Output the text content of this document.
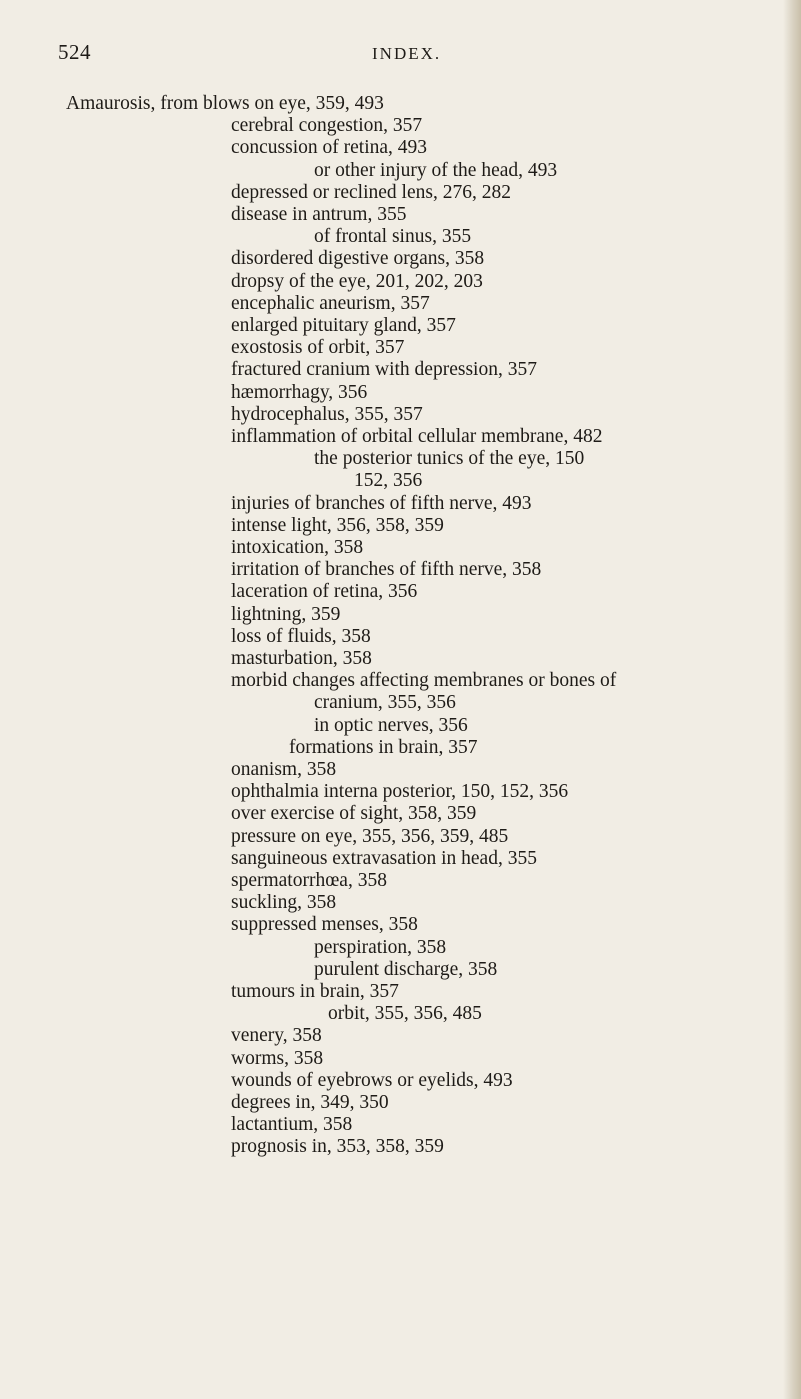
524	INDEX.
Amaurosis, from blows on eye, 359, 493
cerebral congestion, 357
concussion of retina, 493
or other injury of the head, 493
depressed or reclined lens, 276, 282
disease in antrum, 355
of frontal sinus, 355
disordered digestive organs, 358
dropsy of the eye, 201, 202, 203
encephalic aneurism, 357
enlarged pituitary gland, 357
exostosis of orbit, 357
fractured cranium with depression, 357
hæmorrhagy, 356
hydrocephalus, 355, 357
inflammation of orbital cellular membrane, 482
the posterior tunics of the eye, 150
152, 356
injuries of branches of fifth nerve, 493
intense light, 356, 358, 359
intoxication, 358
irritation of branches of fifth nerve, 358
laceration of retina, 356
lightning, 359
loss of fluids, 358
masturbation, 358
morbid changes affecting membranes or bones of
cranium, 355, 356
in optic nerves, 356
formations in brain, 357
onanism, 358
ophthalmia interna posterior, 150, 152, 356
over exercise of sight, 358, 359
pressure on eye, 355, 356, 359, 485
sanguineous extravasation in head, 355
spermatorrhœa, 358
suckling, 358
suppressed menses, 358
perspiration, 358
purulent discharge, 358
tumours in brain, 357
orbit, 355, 356, 485
venery, 358
worms, 358
wounds of eyebrows or eyelids, 493
degrees in, 349, 350
lactantium, 358
prognosis in, 353, 358, 359
